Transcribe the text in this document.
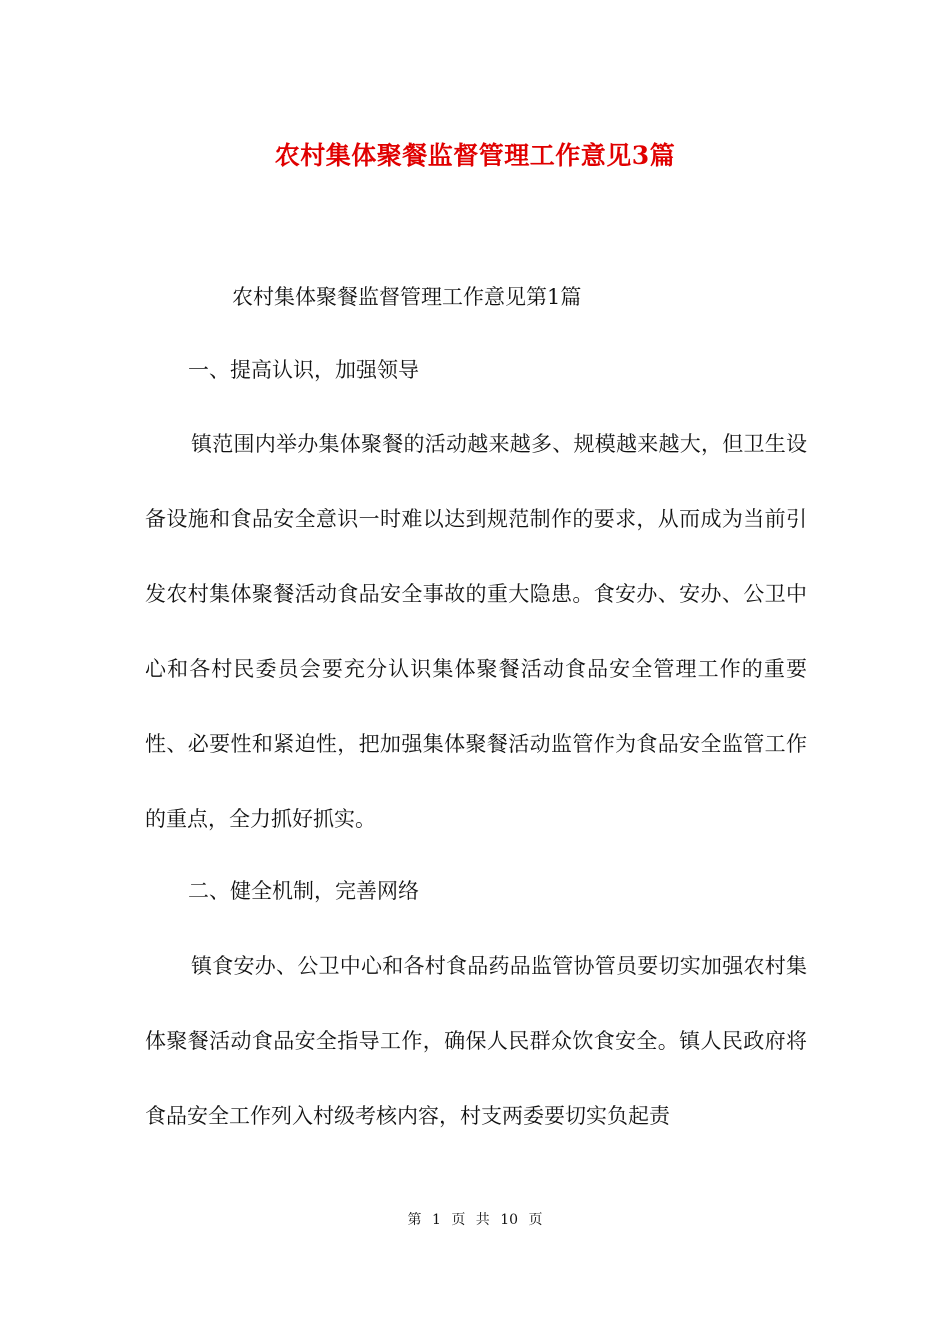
农村集体聚餐监督管理工作意见3篇

农村集体聚餐监督管理工作意见第1篇

一、提高认识，加强领导

镇范围内举办集体聚餐的活动越来越多、规模越来越大，但卫生设备设施和食品安全意识一时难以达到规范制作的要求，从而成为当前引发农村集体聚餐活动食品安全事故的重大隐患。食安办、安办、公卫中心和各村民委员会要充分认识集体聚餐活动食品安全管理工作的重要性、必要性和紧迫性，把加强集体聚餐活动监管作为食品安全监管工作的重点，全力抓好抓实。

二、健全机制，完善网络

镇食安办、公卫中心和各村食品药品监管协管员要切实加强农村集体聚餐活动食品安全指导工作，确保人民群众饮食安全。镇人民政府将食品安全工作列入村级考核内容，村支两委要切实负起责

第 1 页 共 10 页
